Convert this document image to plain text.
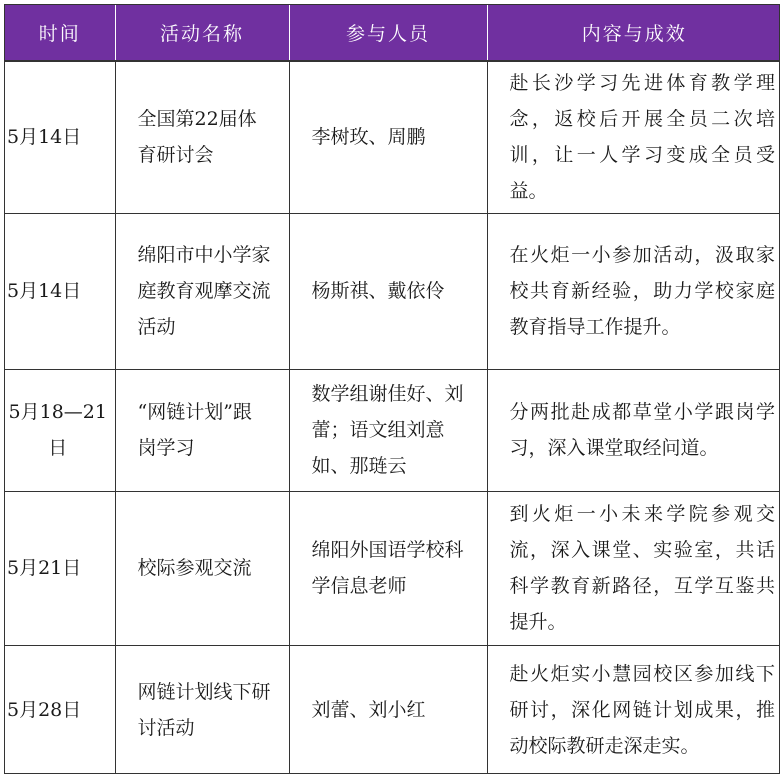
时间	活动名称	参与人员	内容与成效
5月14日	全国第22届体育研讨会	李树玫、周鹏	赴长沙学习先进体育教学理念，返校后开展全员二次培训，让一人学习变成全员受益。
5月14日	绵阳市中小学家庭教育观摩交流活动	杨斯祺、戴依伶	在火炬一小参加活动，汲取家校共育新经验，助力学校家庭教育指导工作提升。
5月18—21日	“网链计划”跟岗学习	数学组谢佳好、刘蕾；语文组刘意如、那琏云	分两批赴成都草堂小学跟岗学习，深入课堂取经问道。
5月21日	校际参观交流	绵阳外国语学校科学信息老师	到火炬一小未来学院参观交流，深入课堂、实验室，共话科学教育新路径，互学互鉴共提升。
5月28日	网链计划线下研讨活动	刘蕾、刘小红	赴火炬实小慧园校区参加线下研讨，深化网链计划成果，推动校际教研走深走实。
